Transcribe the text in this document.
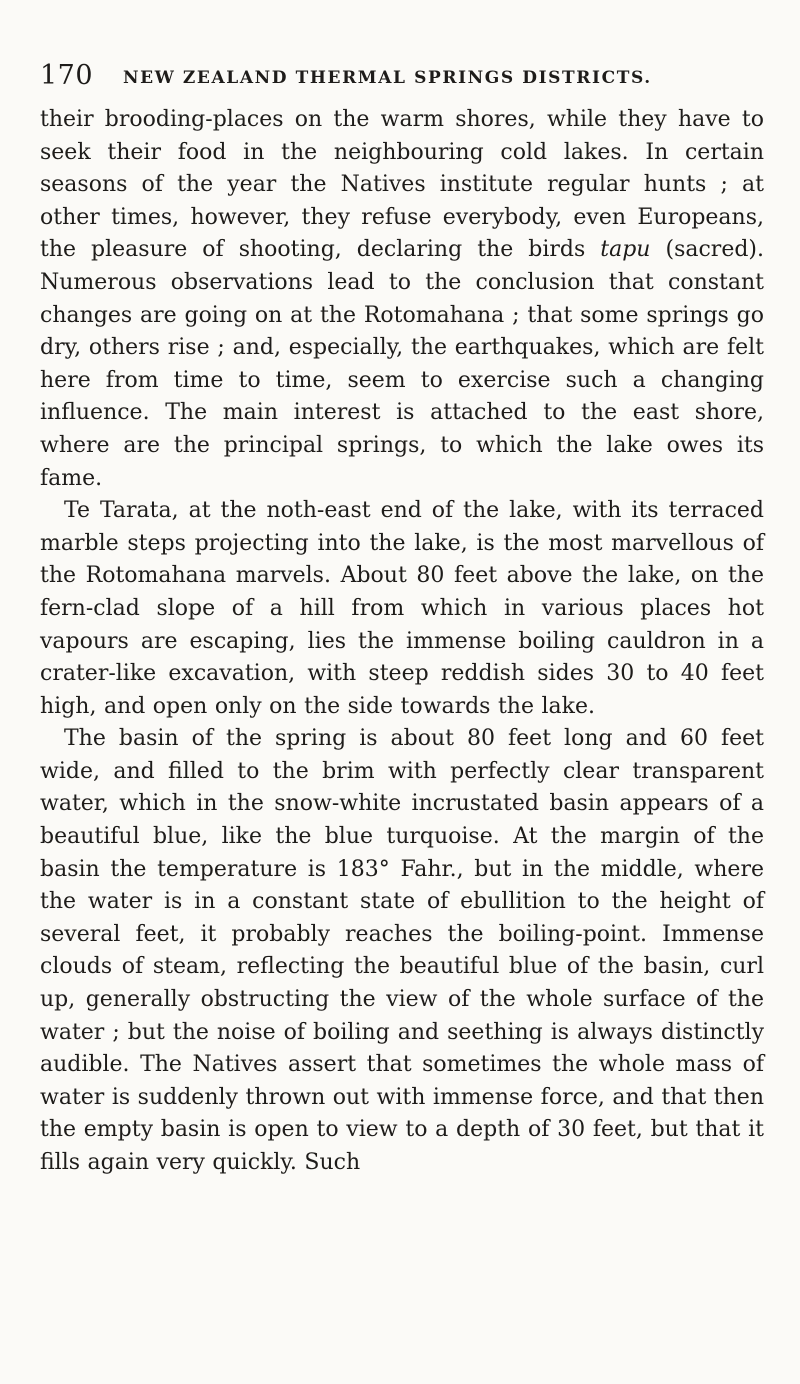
170 NEW ZEALAND THERMAL SPRINGS DISTRICTS.

their brooding-places on the warm shores, while they have to seek their food in the neighbouring cold lakes. In certain seasons of the year the Natives institute regular hunts ; at other times, however, they refuse everybody, even Europeans, the pleasure of shooting, declaring the birds tapu (sacred). Numerous observations lead to the conclusion that constant changes are going on at the Rotomahana ; that some springs go dry, others rise ; and, especially, the earthquakes, which are felt here from time to time, seem to exercise such a changing influence. The main interest is attached to the east shore, where are the principal springs, to which the lake owes its fame.

Te Tarata, at the noth-east end of the lake, with its terraced marble steps projecting into the lake, is the most marvellous of the Rotomahana marvels. About 80 feet above the lake, on the fern-clad slope of a hill from which in various places hot vapours are escaping, lies the immense boiling cauldron in a crater-like excavation, with steep reddish sides 30 to 40 feet high, and open only on the side towards the lake.

The basin of the spring is about 80 feet long and 60 feet wide, and filled to the brim with perfectly clear transparent water, which in the snow-white incrustated basin appears of a beautiful blue, like the blue turquoise. At the margin of the basin the temperature is 183° Fahr., but in the middle, where the water is in a constant state of ebullition to the height of several feet, it probably reaches the boiling-point. Immense clouds of steam, reflecting the beautiful blue of the basin, curl up, generally obstructing the view of the whole surface of the water ; but the noise of boiling and seething is always distinctly audible. The Natives assert that sometimes the whole mass of water is suddenly thrown out with immense force, and that then the empty basin is open to view to a depth of 30 feet, but that it fills again very quickly. Such
